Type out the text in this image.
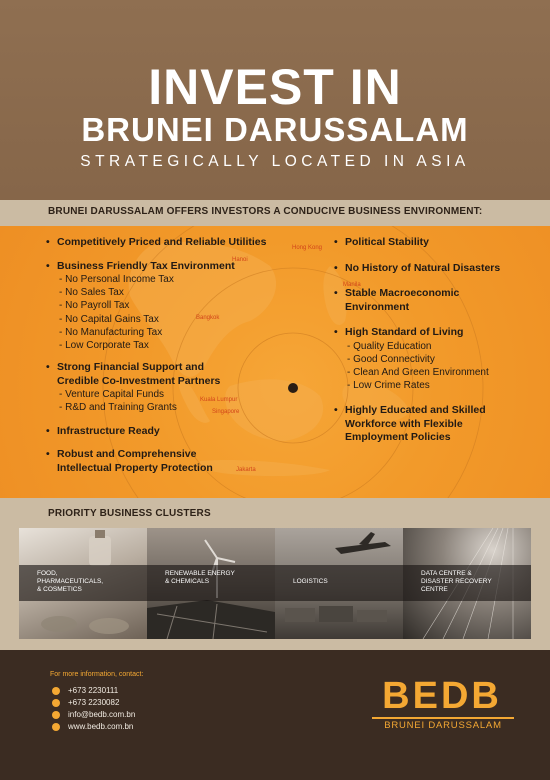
INVEST IN
BRUNEI DARUSSALAM
STRATEGICALLY LOCATED IN ASIA
BRUNEI DARUSSALAM OFFERS INVESTORS A CONDUCIVE BUSINESS ENVIRONMENT:
Hanoi
Hong Kong
Manila
Bangkok
Kuala Lumpur
Singapore
Jakarta
• Competitively Priced and Reliable Utilities
• Business Friendly Tax Environment
- No Personal Income Tax
- No Sales Tax
- No Payroll Tax
- No Capital Gains Tax
- No Manufacturing Tax
- Low Corporate Tax
• Strong Financial Support and
Credible Co-Investment Partners
- Venture Capital Funds
- R&D and Training Grants
• Infrastructure Ready
• Robust and Comprehensive
Intellectual Property Protection
• Political Stability
• No History of Natural Disasters
• Stable Macroeconomic
Environment
• High Standard of Living
- Quality Education
- Good Connectivity
- Clean And Green Environment
- Low Crime Rates
• Highly Educated and Skilled
Workforce with Flexible
Employment Policies
PRIORITY BUSINESS CLUSTERS
FOOD,
PHARMACEUTICALS,
& COSMETICS
RENEWABLE ENERGY
& CHEMICALS	LOGISTICS
DATA CENTRE &
DISASTER RECOVERY
CENTRE
For more information, contact:
+673 2230111
+673 2230082
info@bedb.com.bn
www.bedb.com.bn
BEDB
BRUNEI DARUSSALAM
